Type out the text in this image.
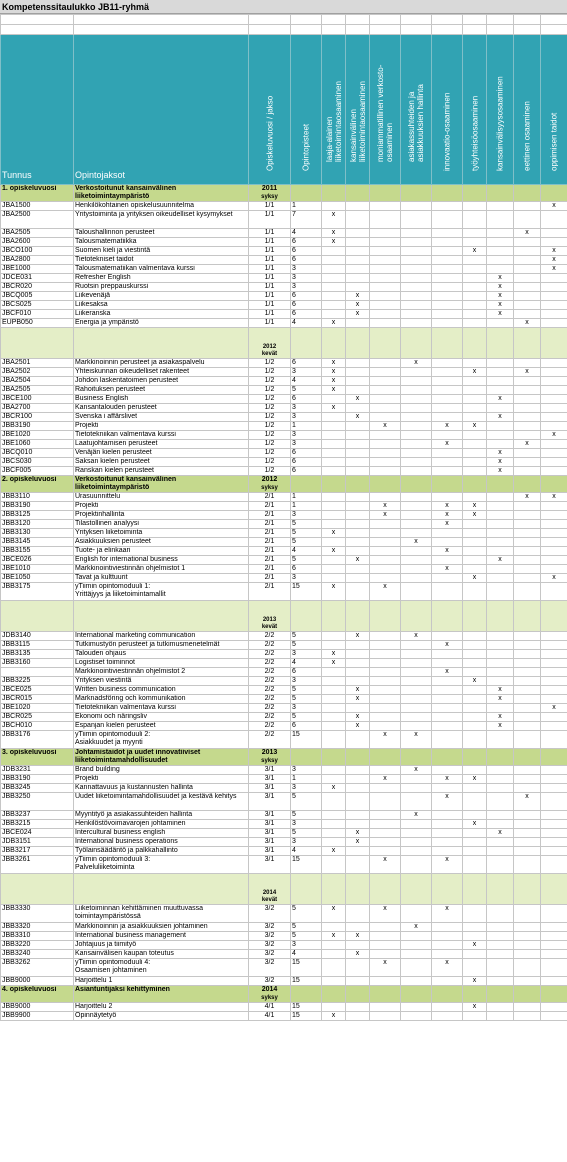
Kompetenssitaulukko JB11-ryhmä

Tunnus	Opintojaksot	Opiskeluvuosi / jakso	Opintopisteet	laaja-alainen
liiketoimintaosaaminen	kansainvälinen
liiketoimintaosaaminen	moniammatillinen verkosto-
osaaminen	asiakassuhteiden ja
asiakkuuksien hallinta	innovaatio-osaaminen	työyhteisöosaaminen	kansainvälisyysosaaminen	eettinen osaaminen	oppimisen taidot

1. opiskeluvuosi	Verkostoitunut kansainvälinen liiketoimintaympäristö	2011
syksy										

JBA1500	Henkilökohtainen opiskelusuunnitelma	1/1	1									x
JBA2500	Yritystoiminta ja yrityksen oikeudelliset kysymykset	1/1	7	x								
JBA2505	Taloushallinnon perusteet	1/1	4	x							x	
JBA2600	Talousmatematiikka	1/1	6	x								
JBCO100	Suomen kieli ja viestintä	1/1	6						x			x
JBA2800	Tietotekniset taidot	1/1	6									x
JBE1000	Talousmatematiikan valmentava kurssi	1/1	3									x
JDCE031	Refresher English	1/1	3							x		
JBCR020	Ruotsin preppauskurssi	1/1	3							x		
JBCQ005	Liikevenäjä	1/1	6		x					x		
JBCS025	Liikesaksa	1/1	6		x					x		
JBCF010	Liikeranska	1/1	6		x					x		
EUPB050	Energia ja ympäristö	1/1	4	x							x	
		2012
kevät										

JBA2501	Markkinoinnin perusteet ja asiakaspalvelu	1/2	6	x			x					
JBA2502	Yhteiskunnan oikeudelliset rakenteet	1/2	3	x					x		x	
JBA2504	Johdon laskentatoimen perusteet	1/2	4	x								
JBA2505	Rahoituksen perusteet	1/2	5	x								
JBCE100	Business English	1/2	6		x					x		
JBA2700	Kansantalouden perusteet	1/2	3	x								
JBCR100	Svenska i affärslivet	1/2	3		x					x		
JBB3190	Projekti	1/2	1			x		x	x			
JBE1020	Tietotekniikan valmentava kurssi	1/2	3									x
JBE1060	Laatujohtamisen perusteet	1/2	3					x			x	
JBCQ010	Venäjän kielen perusteet	1/2	6							x		
JBCS030	Saksan kielen perusteet	1/2	6							x		
JBCF005	Ranskan kielen perusteet	1/2	6							x		
2. opiskeluvuosi	Verkostoitunut kansainvälinen liiketoimintaympäristö	2012
syksy										

JBB3110	Urasuunnittelu	2/1	1								x	x
JBB3190	Projekti	2/1	1			x		x	x			
JBB3125	Projektinhallinta	2/1	3			x		x	x			
JBB3120	Tilastollinen analyysi	2/1	5					x				
JBB3130	Yrityksen liiketoiminta	2/1	5	x								
JBB3145	Asiakkuuksien perusteet	2/1	5				x					
JBB3155	Tuote- ja elinkaari	2/1	4	x				x				
JBCE026	English for international business	2/1	5		x					x		
JBE1010	Markkinointiviestinnän ohjelmistot 1	2/1	6					x				
JBE1050	Tavat ja kulttuurit	2/1	3						x			x
JBB3175	yTiimin opintomoduuli 1:
Yrittäjyys ja liiketoimintamallit	2/1	15	x		x						
		2013
kevät										

JDB3140	International marketing communication	2/2	5		x		x					
JBB3115	Tutkimustyön perusteet ja tutkimusmenetelmät	2/2	5					x				
JBB3135	Talouden ohjaus	2/2	3	x								
JBB3160	Logistiset toiminnot	2/2	4	x								
	Markkinointiviestinnän ohjelmistot 2	2/2	6					x				
JBB3225	Yrityksen viestintä	2/2	3						x			
JBCE025	Written business communication	2/2	5		x					x		
JBCR015	Marknadsföring och kommunikation	2/2	5		x					x		
JBE1020	Tietotekniikan valmentava kurssi	2/2	3									x
JBCR025	Ekonomi och näringsliv	2/2	5		x					x		
JBCH010	Espanjan kielen perusteet	2/2	6		x					x		
JBB3176	yTiimin opintomoduuli 2:
Asiakkuudet ja myynti	2/2	15			x	x					
3. opiskeluvuosi	Johtamistaidot ja uudet innovatiiviset liiketoimintamahdollisuudet	2013
syksy										

JDB3231	Brand building	3/1	3				x					
JBB3190	Projekti	3/1	1			x		x	x			
JBB3245	Kannattavuus ja kustannusten hallinta	3/1	3	x								
JBB3250	Uudet liiketoimintamahdollisuudet ja kestävä kehitys	3/1	5					x			x	
JBB3237	Myyntityö ja asiakassuhteiden hallinta	3/1	5				x					
JBB3215	Henkilöstövoimavarojen johtaminen	3/1	3						x			
JBCE024	Intercultural business english	3/1	5		x					x		
JDB3151	International business operations	3/1	3		x							
JBB3217	Työlainsäädäntö ja palkkahallinto	3/1	4	x								
JBB3261	yTiimin opintomoduuli 3:
Palveluliiketoiminta	3/1	15			x		x				
		2014
kevät										

JBB3330	Liiketoiminnan kehittäminen muuttuvassa toimintaympäristössä	3/2	5	x		x		x				
JBB3320	Markkinoinnin ja asiakkuuksien johtaminen	3/2	5				x					
JBB3310	International business management	3/2	5	x	x							
JBB3220	Johtajuus ja tiimityö	3/2	3						x			
JBB3240	Kansainvälisen kaupan toteutus	3/2	4		x							
JBB3262	yTiimin opintomoduuli 4:
Osaamisen johtaminen	3/2	15			x		x				
JBB9000	Harjoittelu 1	3/2	15						x			
4. opiskeluvuosi	Asiantuntijaksi kehittyminen	2014
syksy										

JBB9000	Harjoittelu 2	4/1	15						x			
JBB9900	Opinnäytetyö	4/1	15	x								
